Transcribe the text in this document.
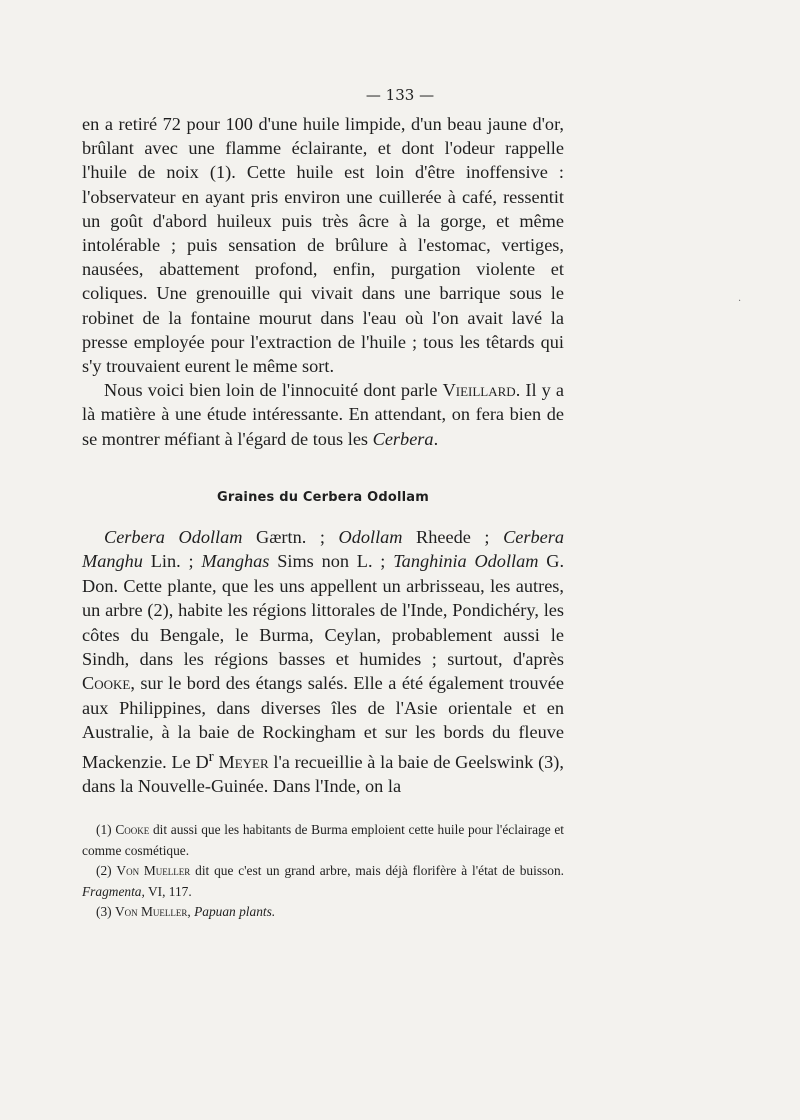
— 133 —
·

en a retiré 72 pour 100 d'une huile limpide, d'un beau jaune d'or, brûlant avec une flamme éclairante, et dont l'odeur rappelle l'huile de noix (1). Cette huile est loin d'être inoffensive : l'observateur en ayant pris environ une cuillerée à café, ressentit un goût d'abord huileux puis très âcre à la gorge, et même intolérable ; puis sensation de brûlure à l'estomac, vertiges, nausées, abattement profond, enfin, purgation violente et coliques. Une grenouille qui vivait dans une barrique sous le robinet de la fontaine mourut dans l'eau où l'on avait lavé la presse employée pour l'extraction de l'huile ; tous les têtards qui s'y trouvaient eurent le même sort.

Nous voici bien loin de l'innocuité dont parle Vieillard. Il y a là matière à une étude intéressante. En attendant, on fera bien de se montrer méfiant à l'égard de tous les Cerbera.

Graines du Cerbera Odollam

Cerbera Odollam Gærtn. ; Odollam Rheede ; Cerbera Manghu Lin. ; Manghas Sims non L. ; Tanghinia Odollam G. Don. Cette plante, que les uns appellent un arbrisseau, les autres, un arbre (2), habite les régions littorales de l'Inde, Pondichéry, les côtes du Bengale, le Burma, Ceylan, probablement aussi le Sindh, dans les régions basses et humides ; surtout, d'après Cooke, sur le bord des étangs salés. Elle a été également trouvée aux Philippines, dans diverses îles de l'Asie orientale et en Australie, à la baie de Rockingham et sur les bords du fleuve Mackenzie. Le $D^r$ Meyer l'a recueillie à la baie de Geelswink (3), dans la Nouvelle-Guinée. Dans l'Inde, on la

(1) Cooke dit aussi que les habitants de Burma emploient cette huile pour l'éclairage et comme cosmétique.

(2) Von Mueller dit que c'est un grand arbre, mais déjà florifère à l'état de buisson. Fragmenta, VI, 117.

(3) Von Mueller, Papuan plants.
